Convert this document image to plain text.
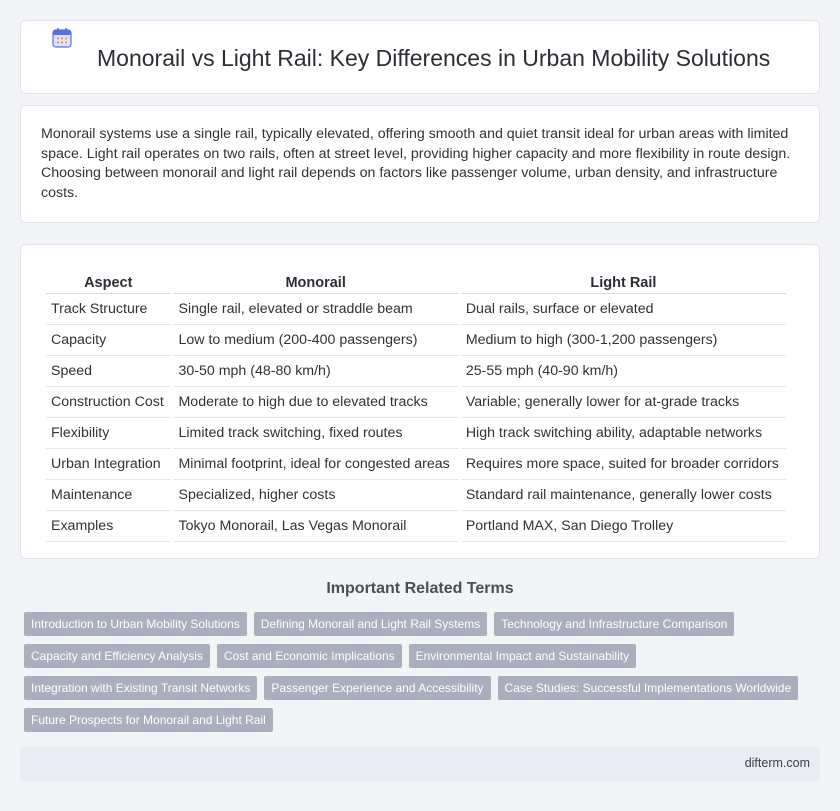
Monorail vs Light Rail: Key Differences in Urban Mobility Solutions

Monorail systems use a single rail, typically elevated, offering smooth and quiet transit ideal for urban areas with limited space. Light rail operates on two rails, often at street level, providing higher capacity and more flexibility in route design. Choosing between monorail and light rail depends on factors like passenger volume, urban density, and infrastructure costs.

Aspect	Monorail	Light Rail
Track Structure	Single rail, elevated or straddle beam	Dual rails, surface or elevated
Capacity	Low to medium (200-400 passengers)	Medium to high (300-1,200 passengers)
Speed	30-50 mph (48-80 km/h)	25-55 mph (40-90 km/h)
Construction Cost	Moderate to high due to elevated tracks	Variable; generally lower for at-grade tracks
Flexibility	Limited track switching, fixed routes	High track switching ability, adaptable networks
Urban Integration	Minimal footprint, ideal for congested areas	Requires more space, suited for broader corridors
Maintenance	Specialized, higher costs	Standard rail maintenance, generally lower costs
Examples	Tokyo Monorail, Las Vegas Monorail	Portland MAX, San Diego Trolley
Important Related Terms
Introduction to Urban Mobility Solutions	Defining Monorail and Light Rail Systems	Technology and Infrastructure Comparison
Capacity and Efficiency Analysis	Cost and Economic Implications	Environmental Impact and Sustainability
Integration with Existing Transit Networks	Passenger Experience and Accessibility	Case Studies: Successful Implementations Worldwide
Future Prospects for Monorail and Light Rail
difterm.com
